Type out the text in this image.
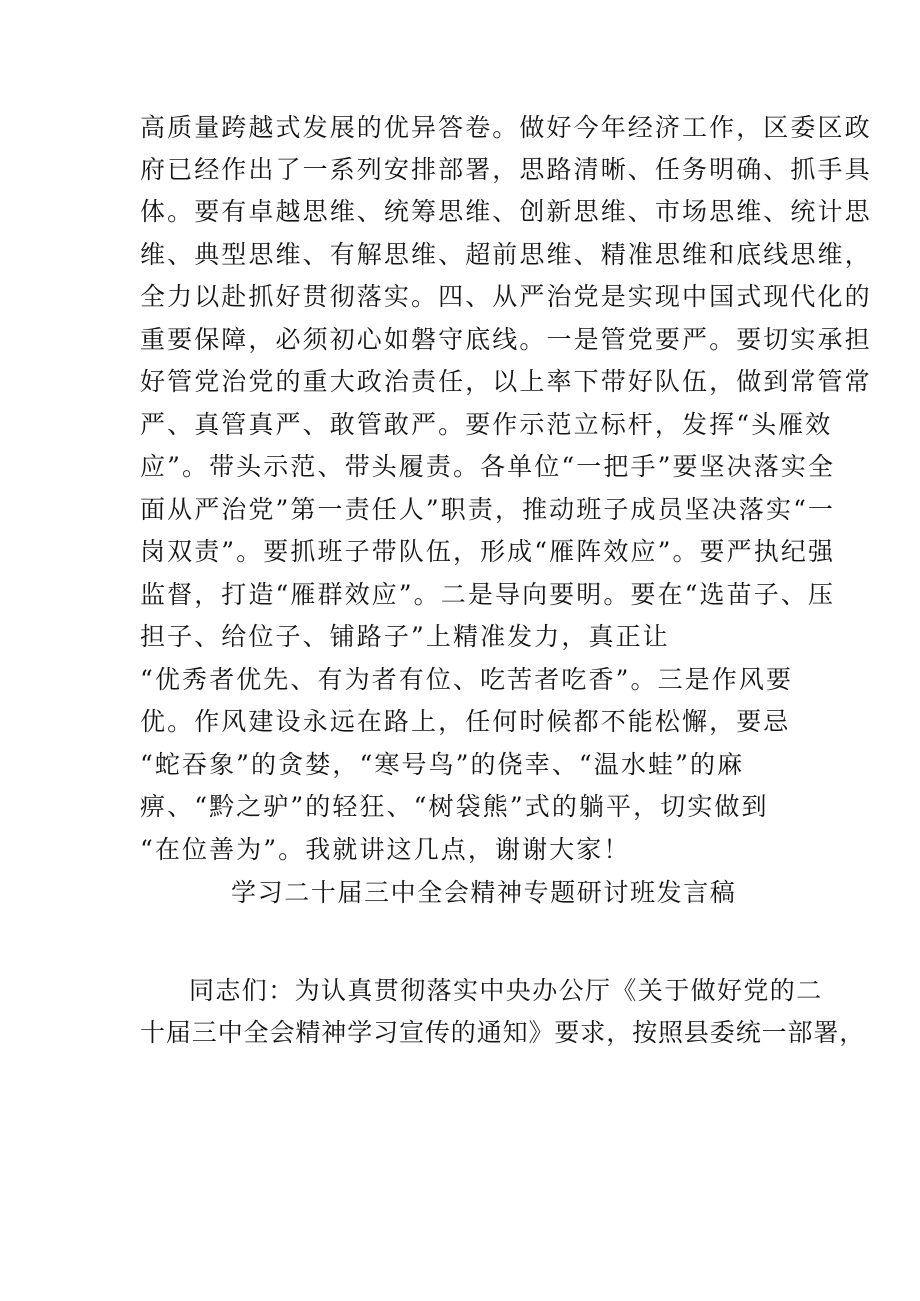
高质量跨越式发展的优异答卷。做好今年经济工作，区委区政
府已经作出了一系列安排部署，思路清晰、任务明确、抓手具
体。要有卓越思维、统筹思维、创新思维、市场思维、统计思
维、典型思维、有解思维、超前思维、精准思维和底线思维，
全力以赴抓好贯彻落实。四、从严治党是实现中国式现代化的
重要保障，必须初心如磐守底线。一是管党要严。要切实承担
好管党治党的重大政治责任，以上率下带好队伍，做到常管常
严、真管真严、敢管敢严。要作示范立标杆，发挥“头雁效
应”。带头示范、带头履责。各单位“一把手”要坚决落实全
面从严治党”第一责任人”职责，推动班子成员坚决落实“一
岗双责”。要抓班子带队伍，形成“雁阵效应”。要严执纪强
监督，打造“雁群效应”。二是导向要明。要在“选苗子、压
担子、给位子、铺路子”上精准发力，真正让
“优秀者优先、有为者有位、吃苦者吃香”。三是作风要
优。作风建设永远在路上，任何时候都不能松懈，要忌
“蛇吞象”的贪婪，“寒号鸟”的侥幸、“温水蛙”的麻
痹、“黔之驴”的轻狂、“树袋熊”式的躺平，切实做到
“在位善为”。我就讲这几点，谢谢大家！
学习二十届三中全会精神专题研讨班发言稿
同志们：为认真贯彻落实中央办公厅《关于做好党的二
十届三中全会精神学习宣传的通知》要求，按照县委统一部署，
